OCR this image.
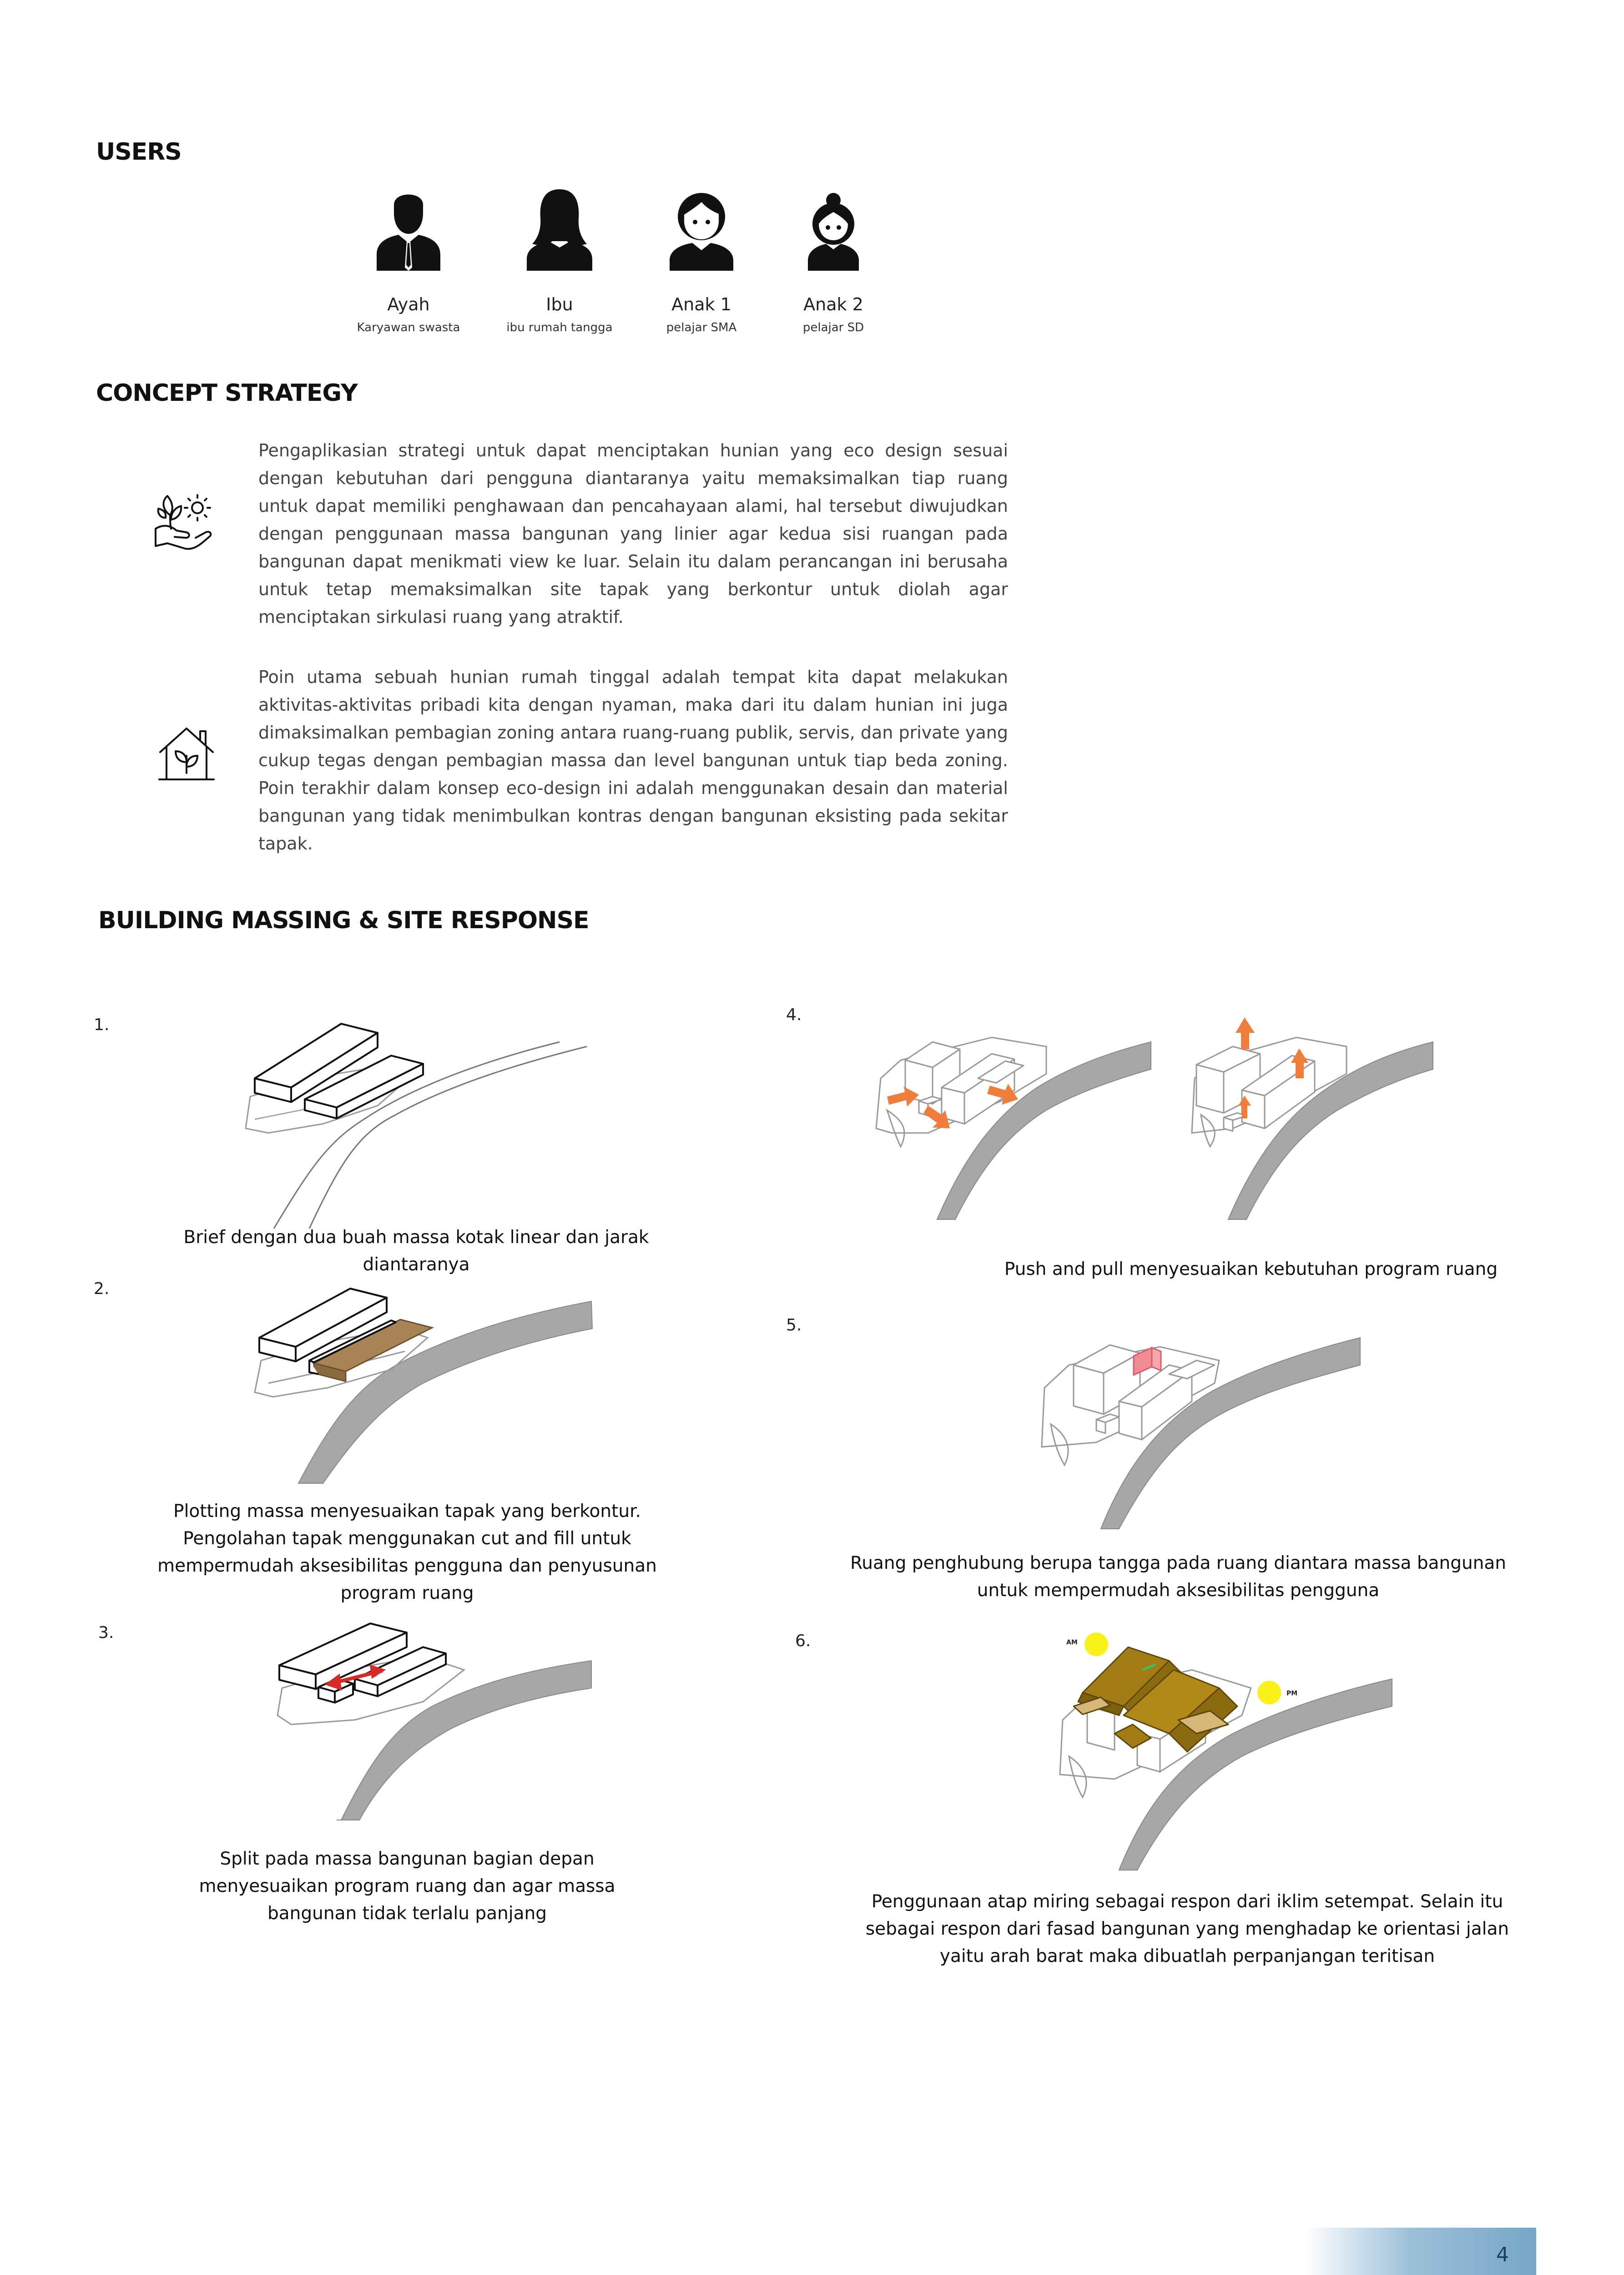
USERS
Ayah
Karyawan swasta
Ibu
ibu rumah tangga
Anak 1
pelajar SMA
Anak 2
pelajar SD
CONCEPT STRATEGY

Pengaplikasian strategi untuk dapat menciptakan hunian yang eco design sesuai dengan kebutuhan dari pengguna diantaranya yaitu memaksimalkan tiap ruang untuk dapat memiliki penghawaan dan pencahayaan alami, hal tersebut diwujudkan dengan penggunaan massa bangunan yang linier agar kedua sisi ruangan pada bangunan dapat menikmati view ke luar. Selain itu dalam perancangan ini berusaha untuk tetap memaksimalkan site tapak yang berkontur untuk diolah agar menciptakan sirkulasi ruang yang atraktif.

Poin utama sebuah hunian rumah tinggal adalah tempat kita dapat melakukan aktivitas-aktivitas pribadi kita dengan nyaman, maka dari itu dalam hunian ini juga dimaksimalkan pembagian zoning antara ruang-ruang publik, servis, dan private yang cukup tegas dengan pembagian massa dan level bangunan untuk tiap beda zoning. Poin terakhir dalam konsep eco-design ini adalah menggunakan desain dan material bangunan yang tidak menimbulkan kontras dengan bangunan eksisting pada sekitar tapak.

BUILDING MASSING & SITE RESPONSE
1.

Brief dengan dua buah massa kotak linear dan jarak diantaranya

2.

Plotting massa menyesuaikan tapak yang berkontur. Pengolahan tapak menggunakan cut and fill untuk mempermudah aksesibilitas pengguna dan penyusunan program ruang

3.

Split pada massa bangunan bagian depan menyesuaikan program ruang dan agar massa bangunan tidak terlalu panjang

4.

Push and pull menyesuaikan kebutuhan program ruang

5.

Ruang penghubung berupa tangga pada ruang diantara massa bangunan untuk mempermudah aksesibilitas pengguna

6.	AM
PM

Penggunaan atap miring sebagai respon dari iklim setempat. Selain itu sebagai respon dari fasad bangunan yang menghadap ke orientasi jalan yaitu arah barat maka dibuatlah perpanjangan teritisan

4
